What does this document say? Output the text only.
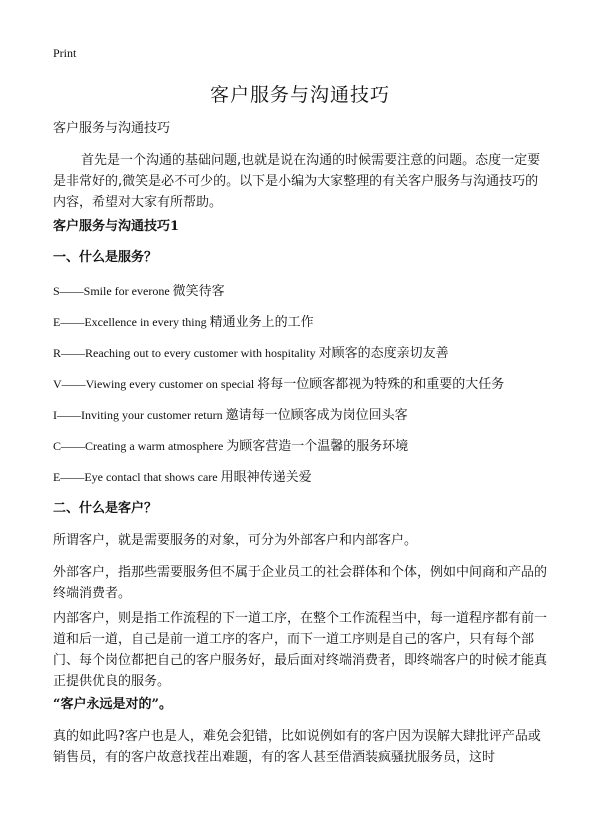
Print
客户服务与沟通技巧
客户服务与沟通技巧
首先是一个沟通的基础问题,也就是说在沟通的时候需要注意的问题。态度一定要是非常好的,微笑是必不可少的。以下是小编为大家整理的有关客户服务与沟通技巧的内容，希望对大家有所帮助。
客户服务与沟通技巧1
一、什么是服务？
S——Smile for everone 微笑待客
E——Excellence in every thing 精通业务上的工作
R——Reaching out to every customer with hospitality 对顾客的态度亲切友善
V——Viewing every customer on special 将每一位顾客都视为特殊的和重要的大任务
I——Inviting your customer return 邀请每一位顾客成为岗位回头客
C——Creating a warm atmosphere 为顾客营造一个温馨的服务环境
E——Eye contacl that shows care 用眼神传递关爱
二、什么是客户？
所谓客户，就是需要服务的对象，可分为外部客户和内部客户。
外部客户，指那些需要服务但不属于企业员工的社会群体和个体，例如中间商和产品的终端消费者。
内部客户，则是指工作流程的下一道工序，在整个工作流程当中，每一道程序都有前一道和后一道，自己是前一道工序的客户，而下一道工序则是自己的客户，只有每个部门、每个岗位都把自己的客户服务好，最后面对终端消费者，即终端客户的时候才能真正提供优良的服务。
“客户永远是对的”。
真的如此吗?客户也是人，难免会犯错，比如说例如有的客户因为误解大肆批评产品或销售员，有的客户故意找茬出难题，有的客人甚至借酒装疯骚扰服务员，这时
